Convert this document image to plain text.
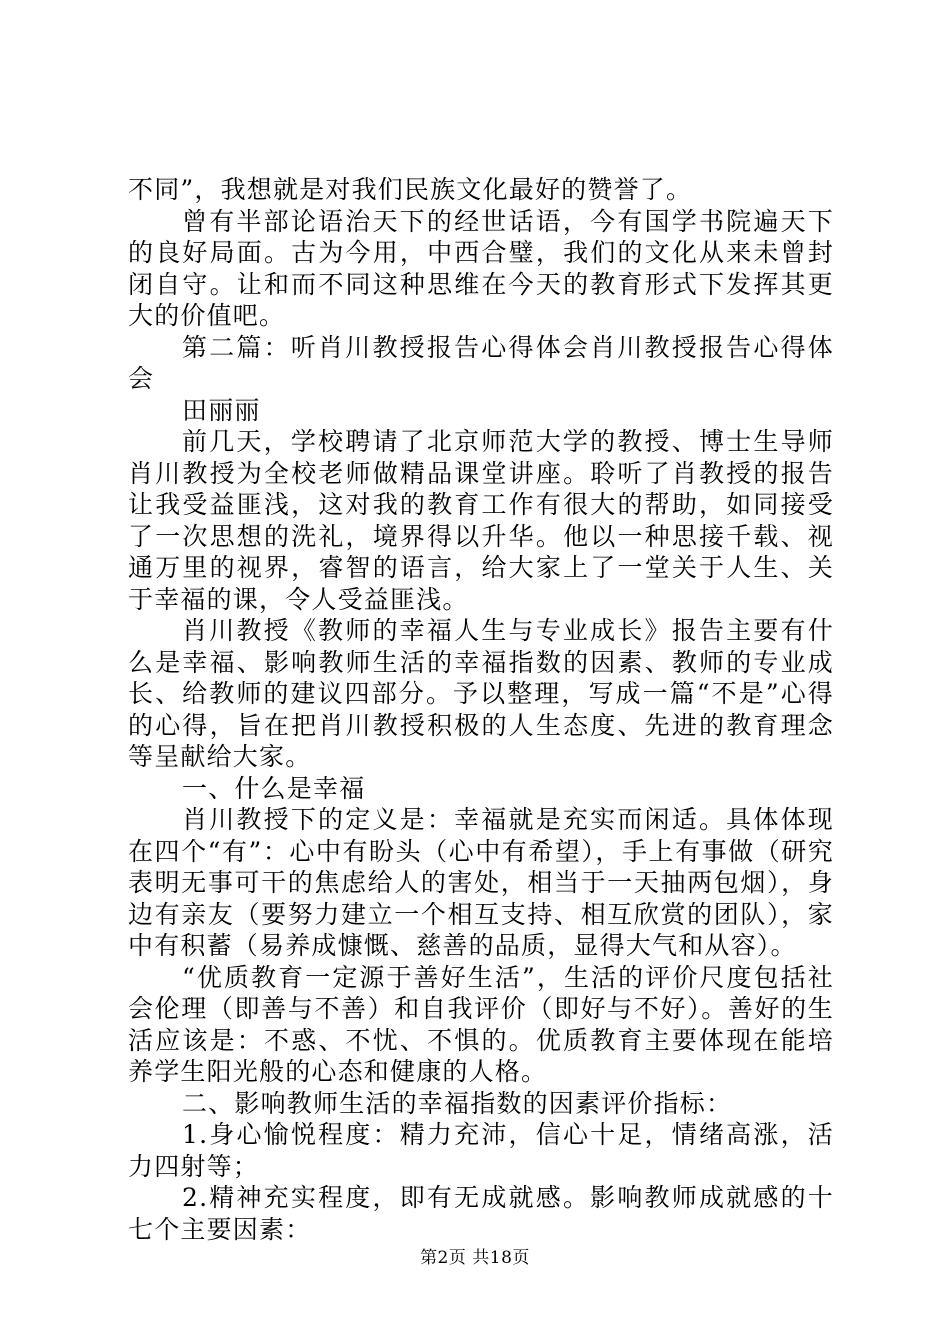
不同”，我想就是对我们民族文化最好的赞誉了。

曾有半部论语治天下的经世话语，今有国学书院遍天下的良好局面。古为今用，中西合璧，我们的文化从来未曾封闭自守。让和而不同这种思维在今天的教育形式下发挥其更大的价值吧。

第二篇：听肖川教授报告心得体会肖川教授报告心得体会

田丽丽

前几天，学校聘请了北京师范大学的教授、博士生导师肖川教授为全校老师做精品课堂讲座。聆听了肖教授的报告让我受益匪浅，这对我的教育工作有很大的帮助，如同接受了一次思想的洗礼，境界得以升华。他以一种思接千载、视通万里的视界，睿智的语言，给大家上了一堂关于人生、关于幸福的课，令人受益匪浅。

肖川教授《教师的幸福人生与专业成长》报告主要有什么是幸福、影响教师生活的幸福指数的因素、教师的专业成长、给教师的建议四部分。予以整理，写成一篇“不是”心得的心得，旨在把肖川教授积极的人生态度、先进的教育理念等呈献给大家。

一、什么是幸福

肖川教授下的定义是：幸福就是充实而闲适。具体体现在四个“有”：心中有盼头（心中有希望），手上有事做（研究表明无事可干的焦虑给人的害处，相当于一天抽两包烟），身边有亲友（要努力建立一个相互支持、相互欣赏的团队），家中有积蓄（易养成慷慨、慈善的品质，显得大气和从容）。

“优质教育一定源于善好生活”，生活的评价尺度包括社会伦理（即善与不善）和自我评价（即好与不好）。善好的生活应该是：不惑、不忧、不惧的。优质教育主要体现在能培养学生阳光般的心态和健康的人格。

二、影响教师生活的幸福指数的因素评价指标：

1.身心愉悦程度：精力充沛，信心十足，情绪高涨，活力四射等；

2.精神充实程度，即有无成就感。影响教师成就感的十七个主要因素：

第2页 共18页
